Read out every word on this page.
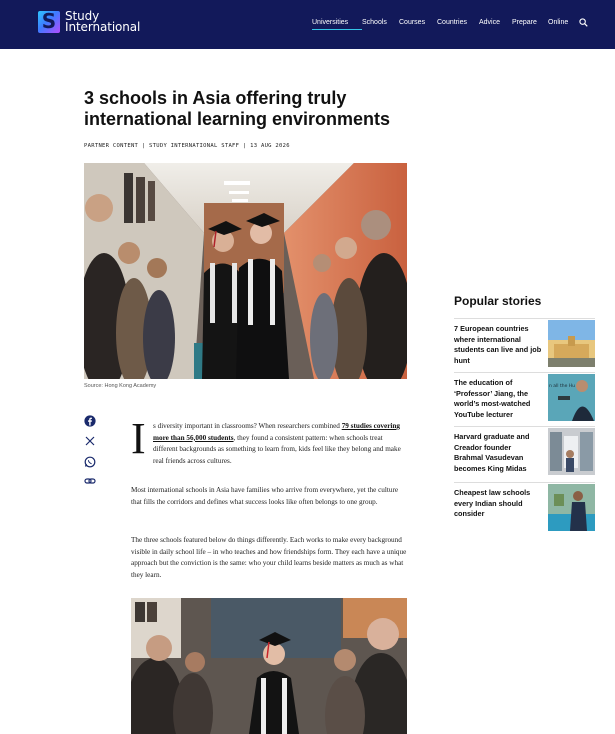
S Study
International	Universities	Schools	Courses	Countries	Advice	Prepare	Online
3 schools in Asia offering truly international learning environments
PARTNER CONTENT | STUDY INTERNATIONAL STAFF | 13 AUG 2026
Source: Hong Kong Academy
I s diversity important in classrooms? When researchers combined 79 studies covering more than 56,000 students, they found a consistent pattern: when schools treat different backgrounds as something to learn from, kids feel like they belong and make real friends across cultures.
Most international schools in Asia have families who arrive from everywhere, yet the culture that fills the corridors and defines what success looks like often belongs to one group.
The three schools featured below do things differently. Each works to make every background visible in daily school life – in who teaches and how friendships form. They each have a unique approach but the conviction is the same: who your child learns beside matters as much as what they learn.
Popular stories
7 European countries where international students can live and job hunt
The education of ‘Professor’ Jiang, the world’s most-watched YouTube lecturer
n all the Hu
Harvard graduate and Creador founder Brahmal Vasudevan becomes King Midas
Cheapest law schools every Indian should consider
